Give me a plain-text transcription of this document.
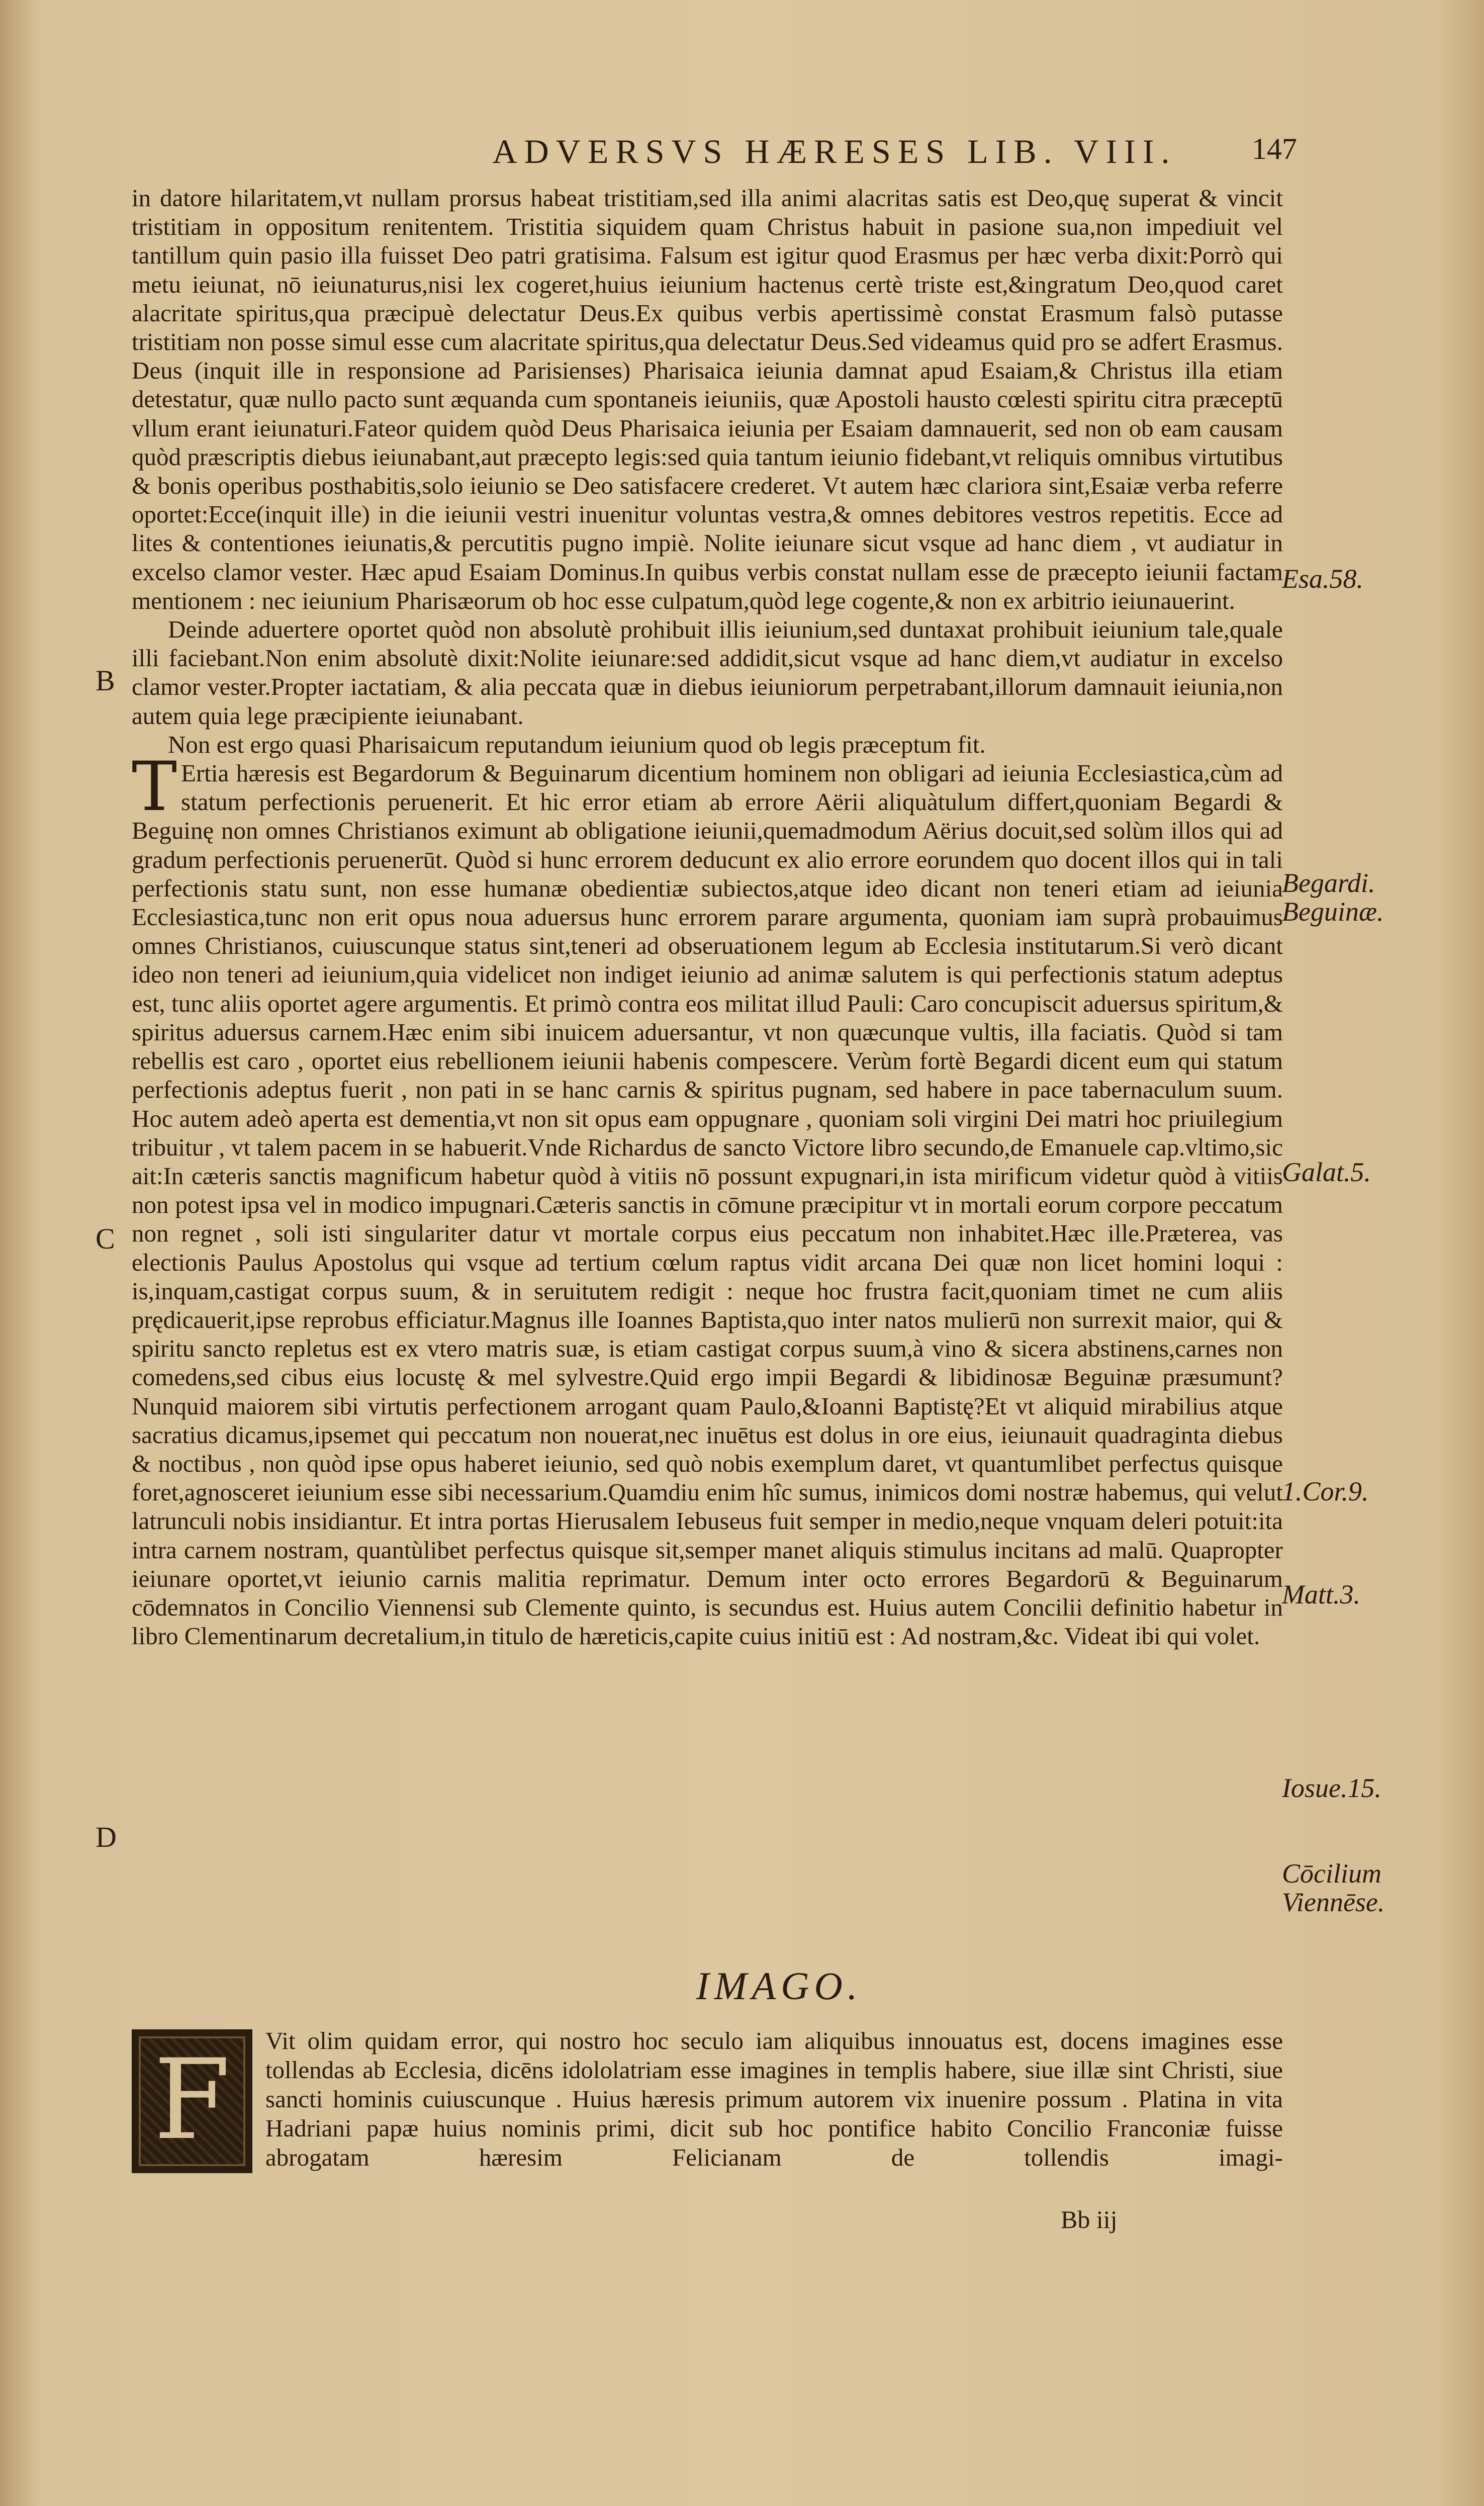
ADVERSVS HÆRESES LIB. VIII.	147

in datore hilaritatem,vt nullam prorsus habeat tristitiam,sed illa animi alacritas satis est Deo,quę superat & vincit tristitiam in oppositum renitentem. Tristitia siquidem quam Christus habuit in pasione sua,non impediuit vel tantillum quin pasio illa fuisset Deo patri gratisima. Falsum est igitur quod Erasmus per hæc verba dixit:Porrò qui metu ieiunat, nō ieiunaturus,nisi lex cogeret,huius ieiunium hactenus certè triste est,&ingratum Deo,quod caret alacritate spiritus,qua præcipuè delectatur Deus.Ex quibus verbis apertissimè constat Erasmum falsò putasse tristitiam non posse simul esse cum alacritate spiritus,qua delectatur Deus.Sed videamus quid pro se adfert Erasmus. Deus (inquit ille in responsione ad Parisienses) Pharisaica ieiunia damnat apud Esaiam,& Christus illa etiam detestatur, quæ nullo pacto sunt æquanda cum spontaneis ieiuniis, quæ Apostoli hausto cœlesti spiritu citra præceptū vllum erant ieiunaturi.Fateor quidem quòd Deus Pharisaica ieiunia per Esaiam damnauerit, sed non ob eam causam quòd præscriptis diebus ieiunabant,aut præcepto legis:sed quia tantum ieiunio fidebant,vt reliquis omnibus virtutibus & bonis operibus posthabitis,solo ieiunio se Deo satisfacere crederet. Vt autem hæc clariora sint,Esaiæ verba referre oportet:Ecce(inquit ille) in die ieiunii vestri inuenitur voluntas vestra,& omnes debitores vestros repetitis. Ecce ad lites & contentiones ieiunatis,& percutitis pugno impiè. Nolite ieiunare sicut vsque ad hanc diem , vt audiatur in excelso clamor vester. Hæc apud Esaiam Dominus.In quibus verbis constat nullam esse de præcepto ieiunii factam mentionem : nec ieiunium Pharisæorum ob hoc esse culpatum,quòd lege cogente,& non ex arbitrio ieiunauerint.

Deinde aduertere oportet quòd non absolutè prohibuit illis ieiunium,sed duntaxat prohibuit ieiunium tale,quale illi faciebant.Non enim absolutè dixit:Nolite ieiunare:sed addidit,sicut vsque ad hanc diem,vt audiatur in excelso clamor vester.Propter iactatiam, & alia peccata quæ in diebus ieiuniorum perpetrabant,illorum damnauit ieiunia,non autem quia lege præcipiente ieiunabant.

Non est ergo quasi Pharisaicum reputandum ieiunium quod ob legis præceptum fit.

T Ertia hæresis est Begardorum & Beguinarum dicentium hominem non obligari ad ieiunia Ecclesiastica,cùm ad statum perfectionis peruenerit. Et hic error etiam ab errore Aërii aliquàtulum differt,quoniam Begardi & Beguinę non omnes Christianos eximunt ab obligatione ieiunii,quemadmodum Aërius docuit,sed solùm illos qui ad gradum perfectionis peruenerūt. Quòd si hunc errorem deducunt ex alio errore eorundem quo docent illos qui in tali perfectionis statu sunt, non esse humanæ obedientiæ subiectos,atque ideo dicant non teneri etiam ad ieiunia Ecclesiastica,tunc non erit opus noua aduersus hunc errorem parare argumenta, quoniam iam suprà probauimus omnes Christianos, cuiuscunque status sint,teneri ad obseruationem legum ab Ecclesia institutarum.Si verò dicant ideo non teneri ad ieiunium,quia videlicet non indiget ieiunio ad animæ salutem is qui perfectionis statum adeptus est, tunc aliis oportet agere argumentis. Et primò contra eos militat illud Pauli: Caro concupiscit aduersus spiritum,& spiritus aduersus carnem.Hæc enim sibi inuicem aduersantur, vt non quæcunque vultis, illa faciatis. Quòd si tam rebellis est caro , oportet eius rebellionem ieiunii habenis compescere. Verùm fortè Begardi dicent eum qui statum perfectionis adeptus fuerit , non pati in se hanc carnis & spiritus pugnam, sed habere in pace tabernaculum suum. Hoc autem adeò aperta est dementia,vt non sit opus eam oppugnare , quoniam soli virgini Dei matri hoc priuilegium tribuitur , vt talem pacem in se habuerit.Vnde Richardus de sancto Victore libro secundo,de Emanuele cap.vltimo,sic ait:In cæteris sanctis magnificum habetur quòd à vitiis nō possunt expugnari,in ista mirificum videtur quòd à vitiis non potest ipsa vel in modico impugnari.Cæteris sanctis in cōmune præcipitur vt in mortali eorum corpore peccatum non regnet , soli isti singulariter datur vt mortale corpus eius peccatum non inhabitet.Hæc ille.Præterea, vas electionis Paulus Apostolus qui vsque ad tertium cœlum raptus vidit arcana Dei quæ non licet homini loqui : is,inquam,castigat corpus suum, & in seruitutem redigit : neque hoc frustra facit,quoniam timet ne cum aliis prędicauerit,ipse reprobus efficiatur.Magnus ille Ioannes Baptista,quo inter natos mulierū non surrexit maior, qui & spiritu sancto repletus est ex vtero matris suæ, is etiam castigat corpus suum,à vino & sicera abstinens,carnes non comedens,sed cibus eius locustę & mel sylvestre.Quid ergo impii Begardi & libidinosæ Beguinæ præsumunt?Nunquid maiorem sibi virtutis perfectionem arrogant quam Paulo,&Ioanni Baptistę?Et vt aliquid mirabilius atque sacratius dicamus,ipsemet qui peccatum non nouerat,nec inuētus est dolus in ore eius, ieiunauit quadraginta diebus & noctibus , non quòd ipse opus haberet ieiunio, sed quò nobis exemplum daret, vt quantumlibet perfectus quisque foret,agnosceret ieiunium esse sibi necessarium.Quamdiu enim hîc sumus, inimicos domi nostræ habemus, qui velut latrunculi nobis insidiantur. Et intra portas Hierusalem Iebuseus fuit semper in medio,neque vnquam deleri potuit:ita intra carnem nostram, quantùlibet perfectus quisque sit,semper manet aliquis stimulus incitans ad malū. Quapropter ieiunare oportet,vt ieiunio carnis malitia reprimatur. Demum inter octo errores Begardorū & Beguinarum cōdemnatos in Concilio Viennensi sub Clemente quinto, is secundus est. Huius autem Concilii definitio habetur in libro Clementinarum decretalium,in titulo de hæreticis,capite cuius initiū est : Ad nostram,&c. Videat ibi qui volet.

Esa.58.
Begardi.
Beguinæ.
Galat.5.
1.Cor.9.
Matt.3.
Iosue.15.
Cōcilium
Viennēse.
B
C
D
IMAGO.
F	Vit olim quidam error, qui nostro hoc seculo iam aliquibus innouatus est, docens imagines esse tollendas ab Ecclesia, dicēns idololatriam esse imagines in templis habere, siue illæ sint Christi, siue sancti hominis cuiuscunque . Huius hæresis primum autorem vix inuenire possum . Platina in vita Hadriani papæ huius nominis primi, dicit sub hoc pontifice habito Concilio Franconiæ fuisse abrogatam hæresim Felicianam de tollendis imagi-

Bb iij
